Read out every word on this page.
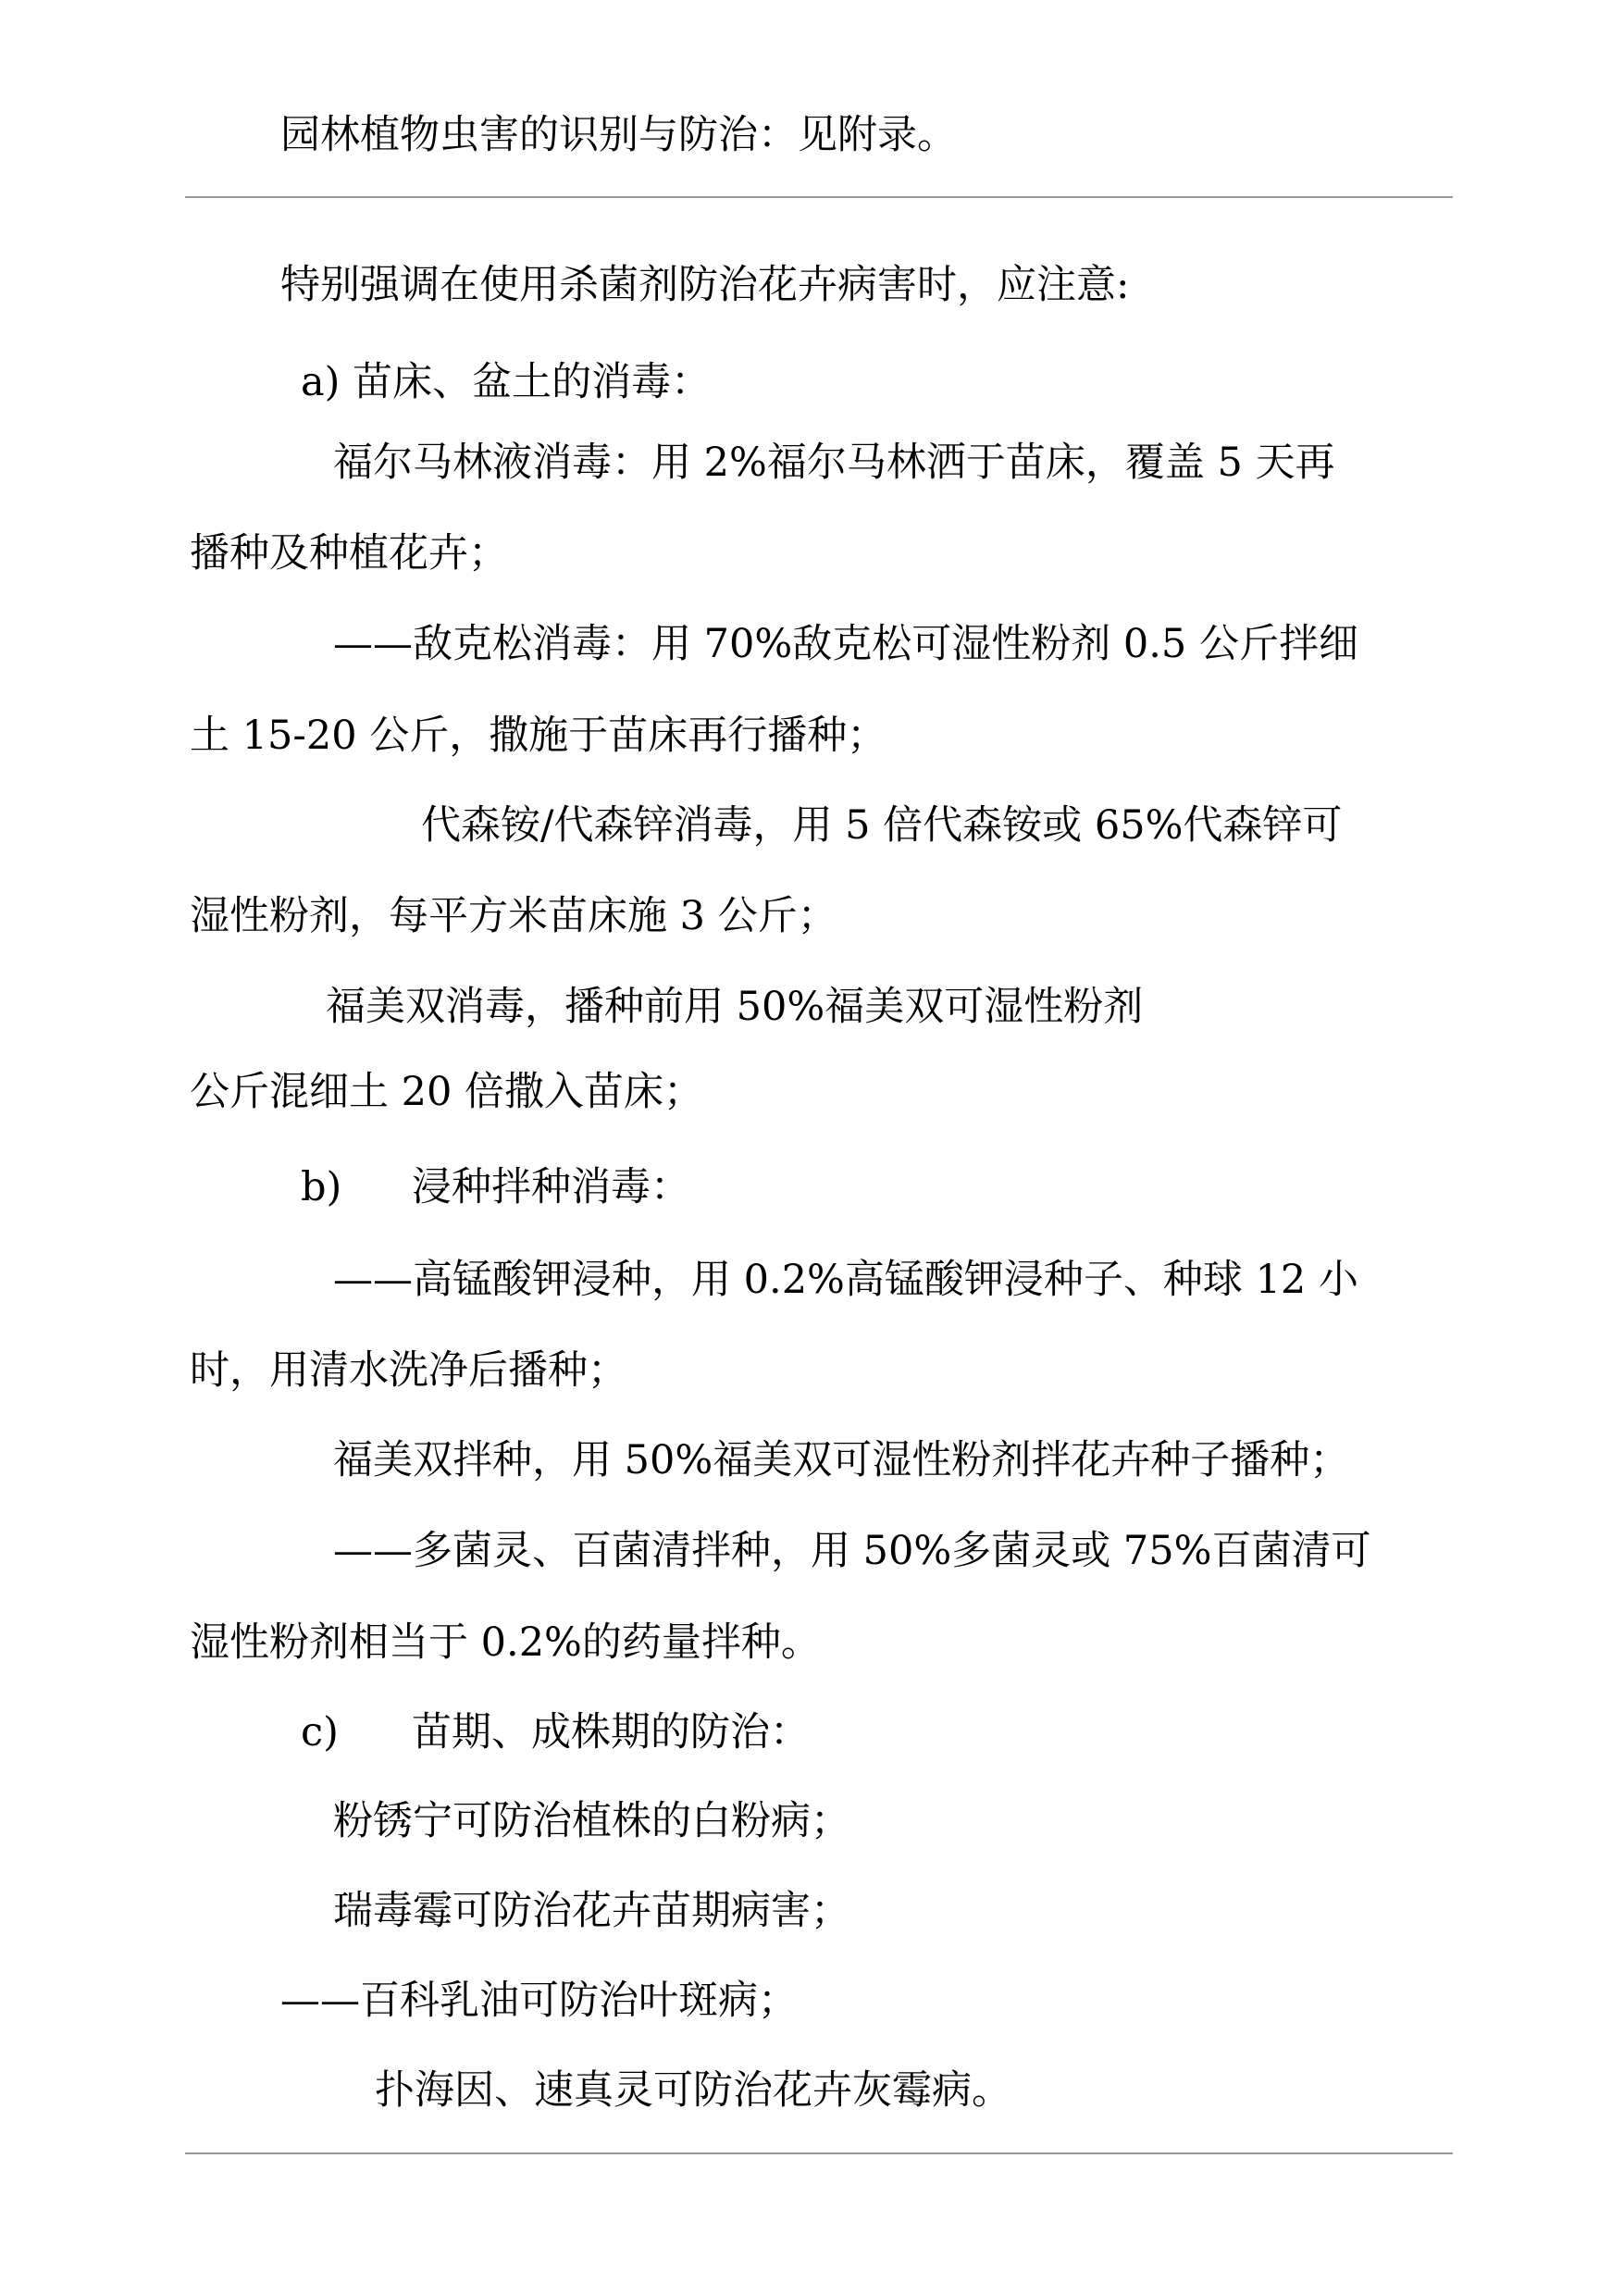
园林植物虫害的识别与防治：见附录。
特别强调在使用杀菌剂防治花卉病害时，应注意:
a) 苗床、盆土的消毒：
福尔马林液消毒：用 2%福尔马林洒于苗床，覆盖 5 天再
播种及种植花卉；
——敌克松消毒：用 70%敌克松可湿性粉剂 0.5 公斤拌细
土 15-20 公斤，撒施于苗床再行播种；
代森铵/代森锌消毒，用 5 倍代森铵或 65%代森锌可
湿性粉剂，每平方米苗床施 3 公斤；
福美双消毒，播种前用 50%福美双可湿性粉剂
公斤混细土 20 倍撒入苗床；
b) 浸种拌种消毒：
——高锰酸钾浸种，用 0.2%高锰酸钾浸种子、种球 12 小
时，用清水洗净后播种；
福美双拌种，用 50%福美双可湿性粉剂拌花卉种子播种；
——多菌灵、百菌清拌种，用 50%多菌灵或 75%百菌清可
湿性粉剂相当于 0.2%的药量拌种。
c) 苗期、成株期的防治：
粉锈宁可防治植株的白粉病；
瑞毒霉可防治花卉苗期病害；
——百科乳油可防治叶斑病；
扑海因、速真灵可防治花卉灰霉病。
